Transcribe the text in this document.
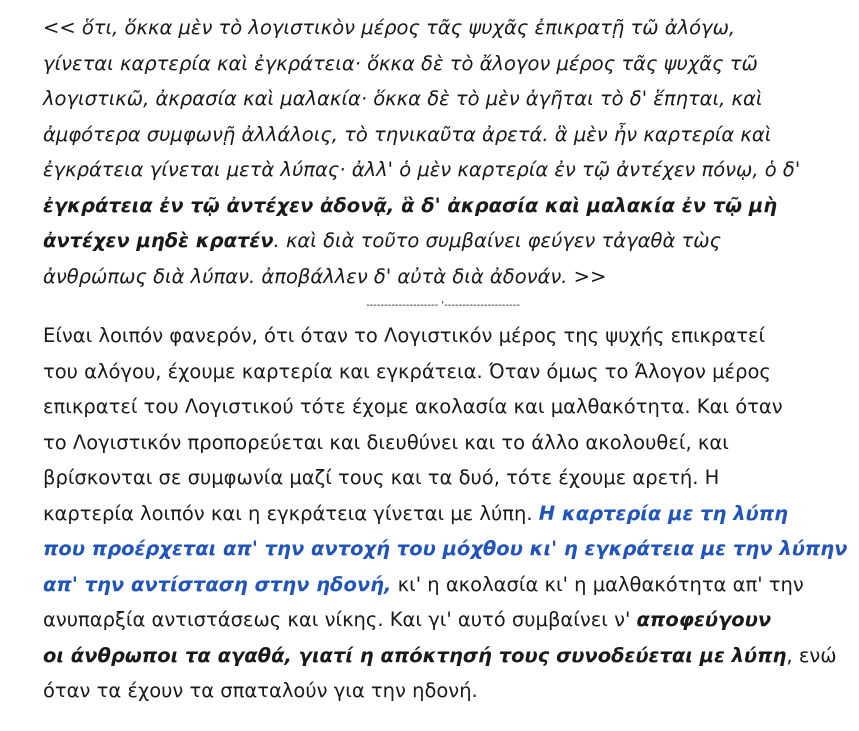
<< ὅτι, ὅκκα μὲν τὸ λογιστικὸν μέρος τᾶς ψυχᾶς ἐπικρατῇ τῶ ἀλόγω,
γίνεται καρτερία καὶ ἐγκράτεια· ὅκκα δὲ τὸ ἄλογον μέρος τᾶς ψυχᾶς τῶ
λογιστικῶ, ἀκρασία καὶ μαλακία· ὅκκα δὲ τὸ μὲν ἀγῆται τὸ δ' ἕπηται, καὶ
ἀμφότερα συμφωνῇ ἀλλάλοις, τὸ τηνικαῦτα ἀρετά. ἃ μὲν ἦν καρτερία καὶ
ἐγκράτεια γίνεται μετὰ λύπας· ἀλλ' ὁ μὲν καρτερία ἐν τῷ ἀντέχεν πόνῳ, ὁ δ'
ἐγκράτεια ἐν τῷ ἀντέχεν ἀδονᾷ, ἃ δ' ἀκρασία καὶ μαλακία ἐν τῷ μὴ
ἀντέχεν μηδὲ κρατέν. καὶ διὰ τοῦτο συμβαίνει φεύγεν τἀγαθὰ τὼς
ἀνθρώπως διὰ λύπαν. ἀποβάλλεν δ' αὐτὰ διὰ ἀδονάν. >>

-------------------- '---------------------

Είναι λοιπόν φανερόν, ότι όταν το Λογιστικόν μέρος της ψυχής επικρατεί
του αλόγου, έχουμε καρτερία και εγκράτεια. Όταν όμως το Άλογον μέρος
επικρατεί του Λογιστικού τότε έχομε ακολασία και μαλθακότητα. Και όταν
το Λογιστικόν προπορεύεται και διευθύνει και το άλλο ακολουθεί, και
βρίσκονται σε συμφωνία μαζί τους και τα δυό, τότε έχουμε αρετή. Η
καρτερία λοιπόν και η εγκράτεια γίνεται με λύπη. Η καρτερία με τη λύπη
που προέρχεται απ' την αντοχή του μόχθου κι' η εγκράτεια με την λύπην
απ' την αντίσταση στην ηδονή, κι' η ακολασία κι' η μαλθακότητα απ' την
ανυπαρξία αντιστάσεως και νίκης. Και γι' αυτό συμβαίνει ν' αποφεύγουν
οι άνθρωποι τα αγαθά, γιατί η απόκτησή τους συνοδεύεται με λύπη, ενώ
όταν τα έχουν τα σπαταλούν για την ηδονή.
